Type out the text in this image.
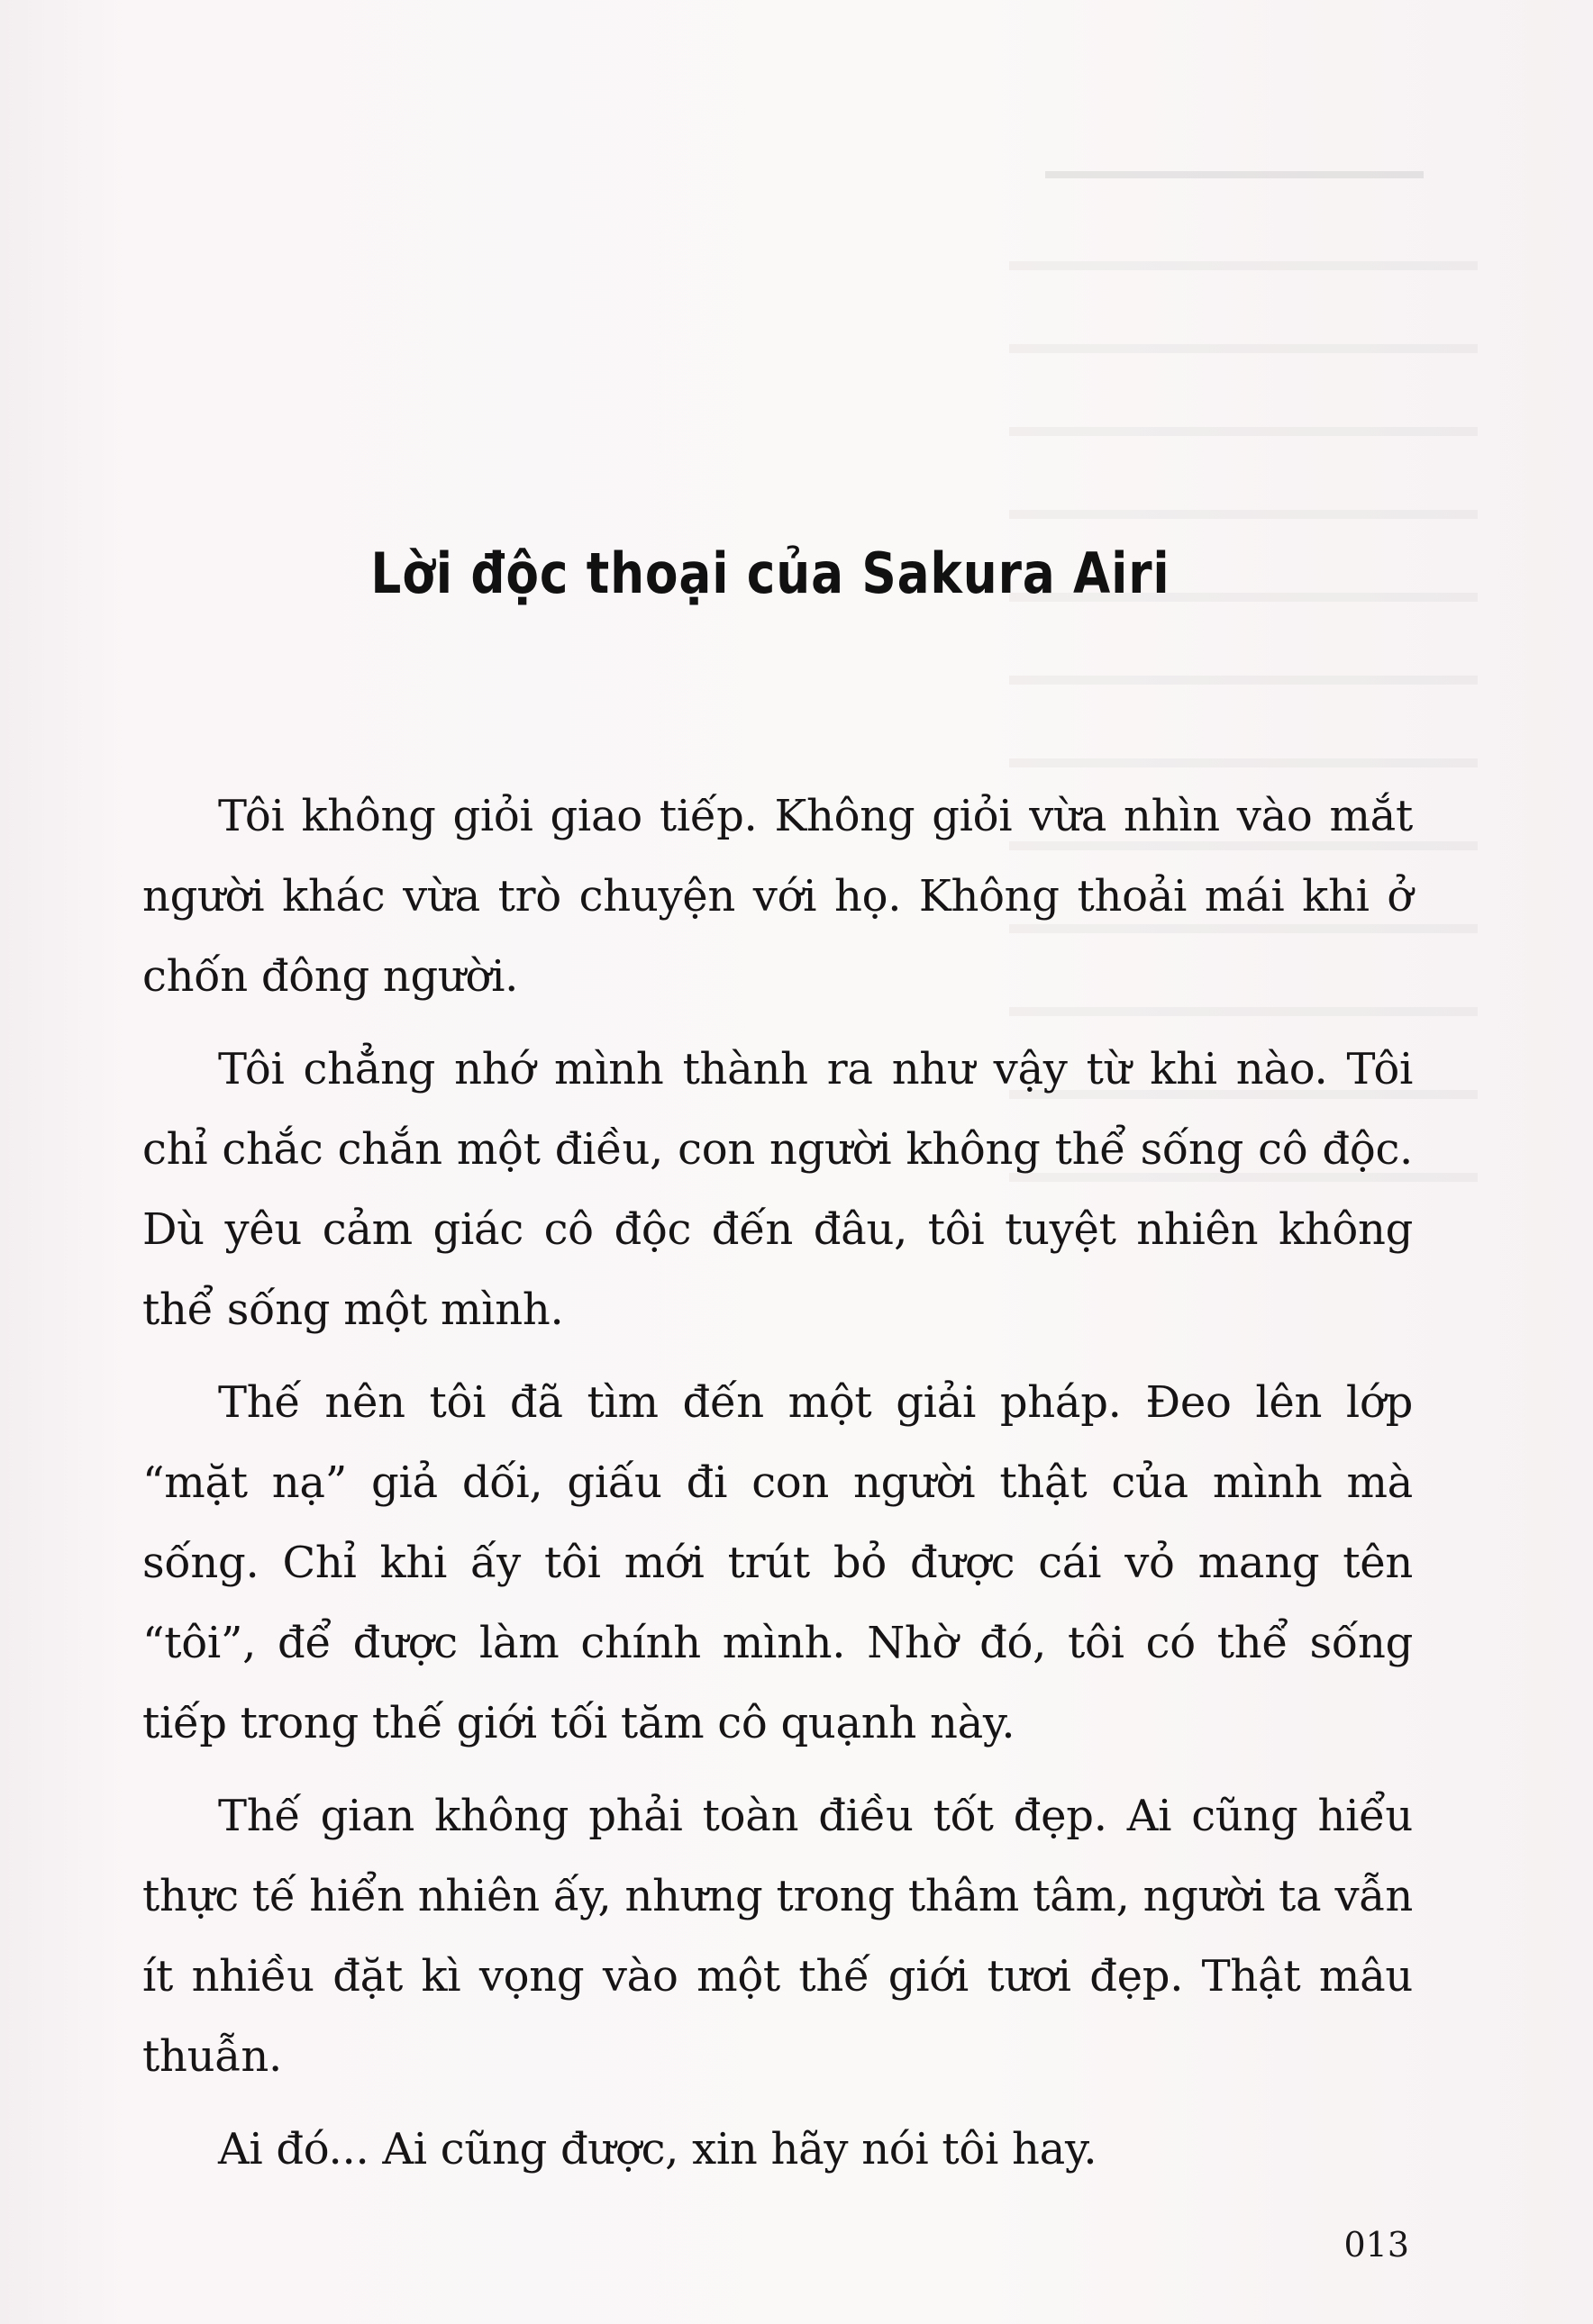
Lời độc thoại của Sakura Airi

Tôi không giỏi giao tiếp. Không giỏi vừa nhìn vào mắt người khác vừa trò chuyện với họ. Không thoải mái khi ở chốn đông người.

Tôi chẳng nhớ mình thành ra như vậy từ khi nào. Tôi chỉ chắc chắn một điều, con người không thể sống cô độc. Dù yêu cảm giác cô độc đến đâu, tôi tuyệt nhiên không thể sống một mình.

Thế nên tôi đã tìm đến một giải pháp. Đeo lên lớp “mặt nạ” giả dối, giấu đi con người thật của mình mà sống. Chỉ khi ấy tôi mới trút bỏ được cái vỏ mang tên “tôi”, để được làm chính mình. Nhờ đó, tôi có thể sống tiếp trong thế giới tối tăm cô quạnh này.

Thế gian không phải toàn điều tốt đẹp. Ai cũng hiểu thực tế hiển nhiên ấy, nhưng trong thâm tâm, người ta vẫn ít nhiều đặt kì vọng vào một thế giới tươi đẹp. Thật mâu thuẫn.

Ai đó... Ai cũng được, xin hãy nói tôi hay.

013
